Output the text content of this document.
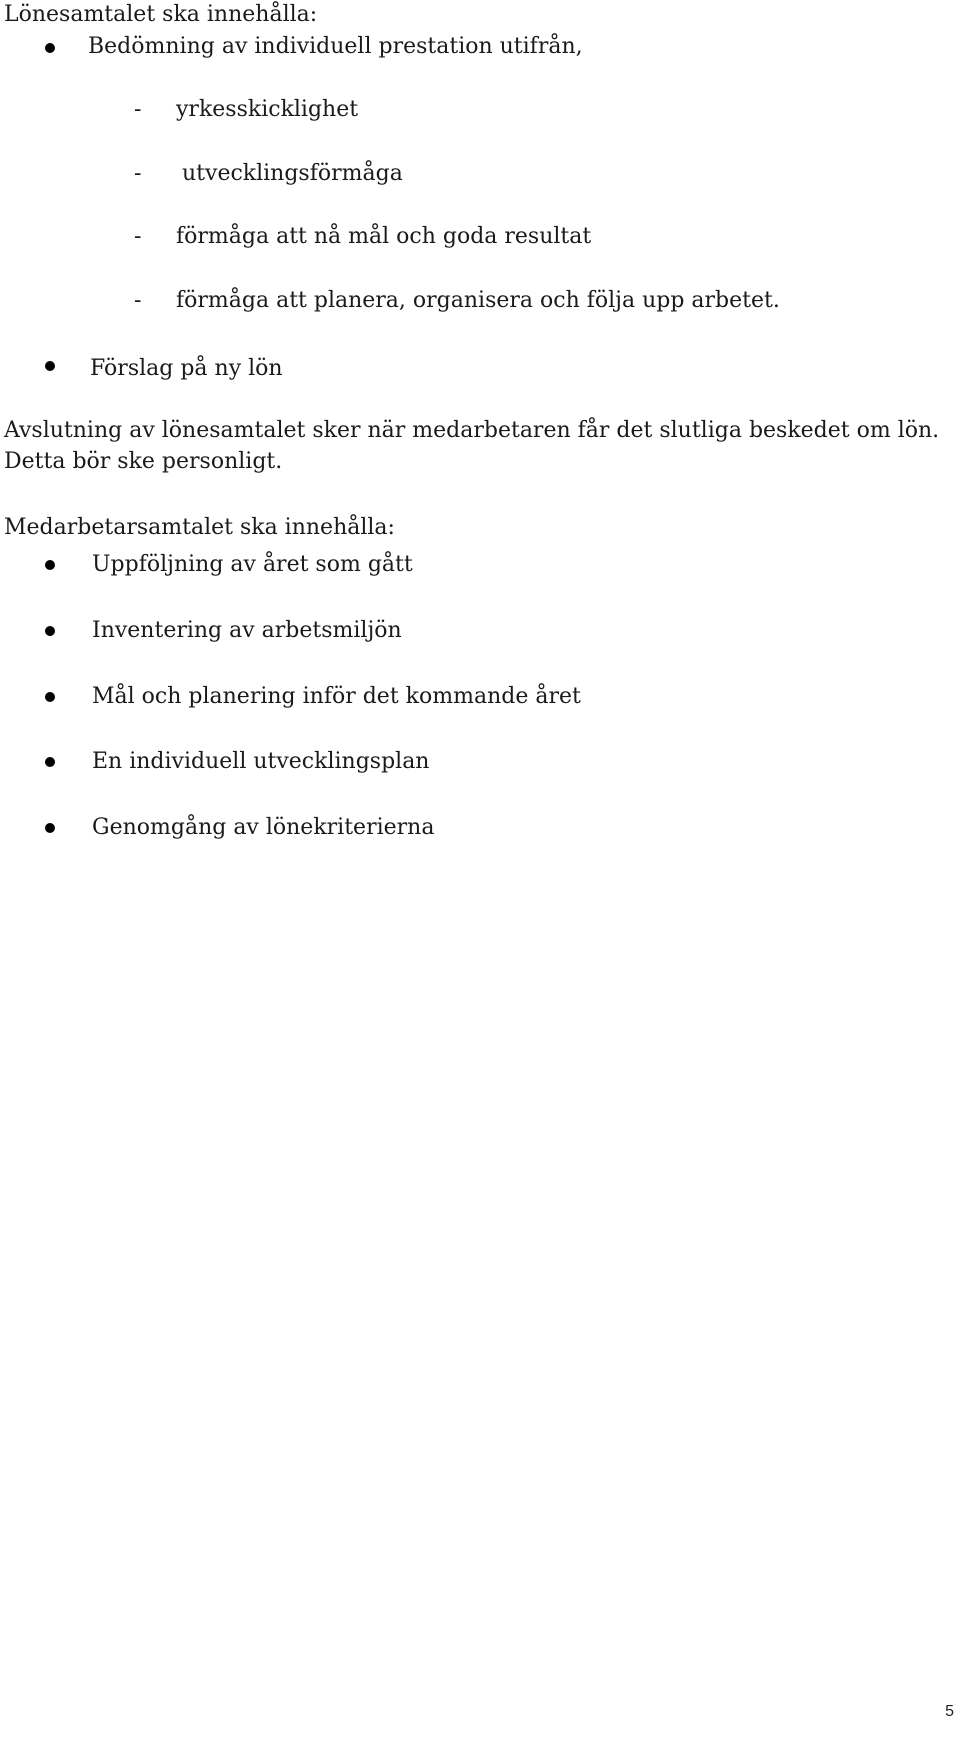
Lönesamtalet ska innehålla:
Bedömning av individuell prestation utifrån,
- yrkesskicklighet
- utvecklingsförmåga
- förmåga att nå mål och goda resultat
- förmåga att planera, organisera och följa upp arbetet.
Förslag på ny lön
Avslutning av lönesamtalet sker när medarbetaren får det slutliga beskedet om lön.
Detta bör ske personligt.
Medarbetarsamtalet ska innehålla:
Uppföljning av året som gått
Inventering av arbetsmiljön
Mål och planering inför det kommande året
En individuell utvecklingsplan
Genomgång av lönekriterierna
5
